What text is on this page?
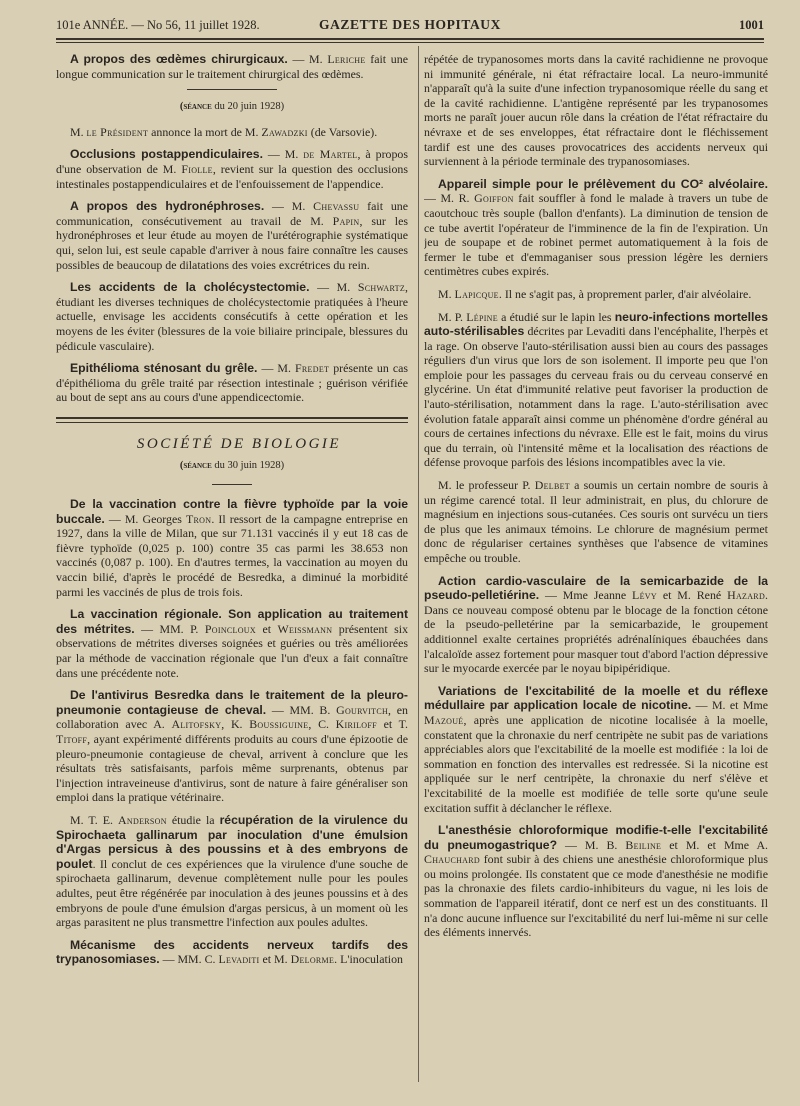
101e ANNÉE. — No 56, 11 juillet 1928.	GAZETTE DES HOPITAUX	1001

A propos des œdèmes chirurgicaux. — M. Leriche fait une longue communication sur le traitement chirurgical des œdèmes.

(séance du 20 juin 1928)

M. le Président annonce la mort de M. Zawadzki (de Varsovie).

Occlusions postappendiculaires. — M. de Martel, à propos d'une observation de M. Fiolle, revient sur la question des occlusions intestinales postappendiculaires et de l'enfouissement de l'appendice.

A propos des hydronéphroses. — M. Chevassu fait une communication, consécutivement au travail de M. Papin, sur les hydronéphroses et leur étude au moyen de l'urétérographie systématique qui, selon lui, est seule capable d'arriver à nous faire connaître les causes possibles de beaucoup de dilatations des voies excrétrices du rein.

Les accidents de la cholécystectomie. — M. Schwartz, étudiant les diverses techniques de cholécystectomie pratiquées à l'heure actuelle, envisage les accidents consécutifs à cette opération et les moyens de les éviter (blessures de la voie biliaire principale, blessures du pédicule vasculaire).

Epithélioma sténosant du grêle. — M. Fredet présente un cas d'épithélioma du grêle traité par résection intestinale ; guérison vérifiée au bout de sept ans au cours d'une appendicectomie.

SOCIÉTÉ DE BIOLOGIE

(séance du 30 juin 1928)

De la vaccination contre la fièvre typhoïde par la voie buccale. — M. Georges Tron. Il ressort de la campagne entreprise en 1927, dans la ville de Milan, que sur 71.131 vaccinés il y eut 18 cas de fièvre typhoïde (0,025 p. 100) contre 35 cas parmi les 38.653 non vaccinés (0,087 p. 100). En d'autres termes, la vaccination au moyen du vaccin bilié, d'après le procédé de Besredka, a diminué la morbidité parmi les vaccinés de plus de trois fois.

La vaccination régionale. Son application au traitement des métrites. — MM. P. Poincloux et Weissmann présentent six observations de métrites diverses soignées et guéries ou très améliorées par la méthode de vaccination régionale que l'un d'eux a fait connaître dans une précédente note.

De l'antivirus Besredka dans le traitement de la pleuro-pneumonie contagieuse de cheval. — MM. B. Gourvitch, en collaboration avec A. Alitofsky, K. Boussiguine, C. Kiriloff et T. Titoff, ayant expérimenté différents produits au cours d'une épizootie de pleuro-pneumonie contagieuse de cheval, arrivent à conclure que les résultats très satisfaisants, parfois même surprenants, obtenus par l'injection intraveineuse d'antivirus, sont de nature à faire généraliser son emploi dans la pratique vétérinaire.

M. T. E. Anderson étudie la récupération de la virulence du Spirochaeta gallinarum par inoculation d'une émulsion d'Argas persicus à des poussins et à des embryons de poulet. Il conclut de ces expériences que la virulence d'une souche de spirochaeta gallinarum, devenue complètement nulle pour les poules adultes, peut être régénérée par inoculation à des jeunes poussins et à des embryons de poule d'une émulsion d'argas persicus, à un moment où les argas parasitent ne plus transmettre l'infection aux poules adultes.

Mécanisme des accidents nerveux tardifs des trypanosomiases. — MM. C. Levaditi et M. Delorme. L'inoculation

répétée de trypanosomes morts dans la cavité rachidienne ne provoque ni immunité générale, ni état réfractaire local. La neuro-immunité n'apparaît qu'à la suite d'une infection trypanosomique réelle du sang et de la cavité rachidienne. L'antigène représenté par les trypanosomes morts ne paraît jouer aucun rôle dans la création de l'état réfractaire du névraxe et de ses enveloppes, état réfractaire dont le fléchissement tardif est une des causes provocatrices des accidents nerveux qui surviennent à la période terminale des trypanosomiases.

Appareil simple pour le prélèvement du CO² alvéolaire. — M. R. Goiffon fait souffler à fond le malade à travers un tube de caoutchouc très souple (ballon d'enfants). La diminution de tension de ce tube avertit l'opérateur de l'imminence de la fin de l'expiration. Un jeu de soupape et de robinet permet automatiquement à la fois de fermer le tube et d'emmaganiser sous pression légère les derniers centimètres cubes expirés.

M. Lapicque. Il ne s'agit pas, à proprement parler, d'air alvéolaire.

M. P. Lépine a étudié sur le lapin les neuro-infections mortelles auto-stérilisables décrites par Levaditi dans l'encéphalite, l'herpès et la rage. On observe l'auto-stérilisation aussi bien au cours des passages réguliers d'un virus que lors de son isolement. Il importe peu que l'on emploie pour les passages du cerveau frais ou du cerveau conservé en glycérine. Un état d'immunité relative peut favoriser la production de l'auto-stérilisation, notamment dans la rage. L'auto-stérilisation avec évolution fatale apparaît ainsi comme un phénomène d'ordre général au cours de certaines infections du névraxe. Elle est le fait, moins du virus que du terrain, où l'intensité même et la localisation des réactions de défense provoque parfois des lésions incompatibles avec la vie.

M. le professeur P. Delbet a soumis un certain nombre de souris à un régime carencé total. Il leur administrait, en plus, du chlorure de magnésium en injections sous-cutanées. Ces souris ont survécu un tiers de plus que les animaux témoins. Le chlorure de magnésium permet donc de régulariser certaines synthèses que l'absence de vitamines empêche ou trouble.

Action cardio-vasculaire de la semicarbazide de la pseudo-pelletiérine. — Mme Jeanne Lévy et M. René Hazard. Dans ce nouveau composé obtenu par le blocage de la fonction cétone de la pseudo-pelletérine par la semicarbazide, le groupement additionnel exalte certaines propriétés adrénalíniques ébauchées dans l'alcaloïde assez fortement pour masquer tout d'abord l'action dépressive sur le myocarde exercée par le noyau bipipéridique.

Variations de l'excitabilité de la moelle et du réflexe médullaire par application locale de nicotine. — M. et Mme Mazoué, après une application de nicotine localisée à la moelle, constatent que la chronaxie du nerf centripète ne subit pas de variations appréciables alors que l'excitabilité de la moelle est modifiée : la loi de sommation en fonction des intervalles est redressée. Si la nicotine est appliquée sur le nerf centripète, la chronaxie du nerf s'élève et l'excitabilité de la moelle est modifiée de telle sorte qu'une seule excitation suffit à déclancher le réflexe.

L'anesthésie chloroformique modifie-t-elle l'excitabilité du pneumogastrique? — M. B. Beiline et M. et Mme A. Chauchard font subir à des chiens une anesthésie chloroformique plus ou moins prolongée. Ils constatent que ce mode d'anesthésie ne modifie pas la chronaxie des filets cardio-inhibiteurs du vague, ni les lois de sommation de l'appareil itératif, dont ce nerf est un des constituants. Il n'a donc aucune influence sur l'excitabilité du nerf lui-même ni sur celle des éléments innervés.
